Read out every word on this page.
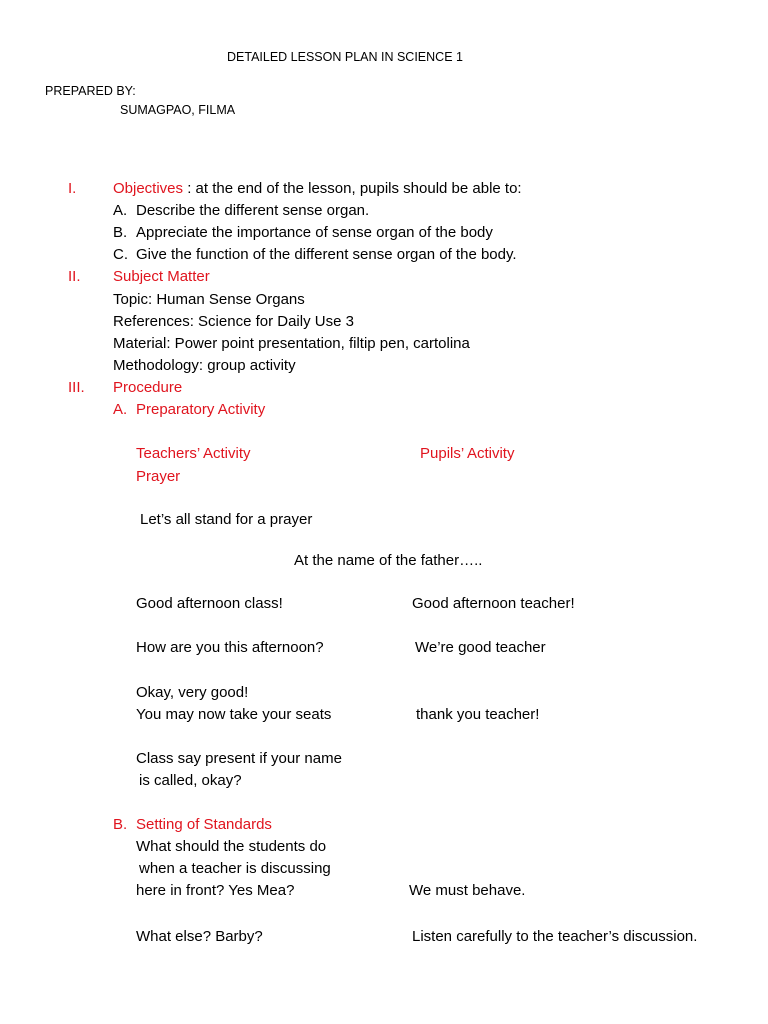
DETAILED LESSON PLAN IN SCIENCE 1
PREPARED BY:
SUMAGPAO, FILMA
I. Objectives : at the end of the lesson, pupils should be able to:
A. Describe the different sense organ.
B. Appreciate the importance of sense organ of the body
C. Give the function of the different sense organ of the body.
II. Subject Matter
Topic: Human Sense Organs
References: Science for Daily Use 3
Material: Power point presentation, filtip pen, cartolina
Methodology: group activity
III. Procedure
A. Preparatory Activity
Teachers’ Activity	Pupils’ Activity
Prayer
Let’s all stand for a prayer
At the name of the father…..
Good afternoon class!	Good afternoon teacher!
How are you this afternoon?	We’re good teacher
Okay, very good!
You may now take your seats	thank you teacher!
Class say present if your name
is called, okay?
B. Setting of Standards
What should the students do
when a teacher is discussing
here in front? Yes Mea?	We must behave.
What else? Barby?	Listen carefully to the teacher’s discussion.
